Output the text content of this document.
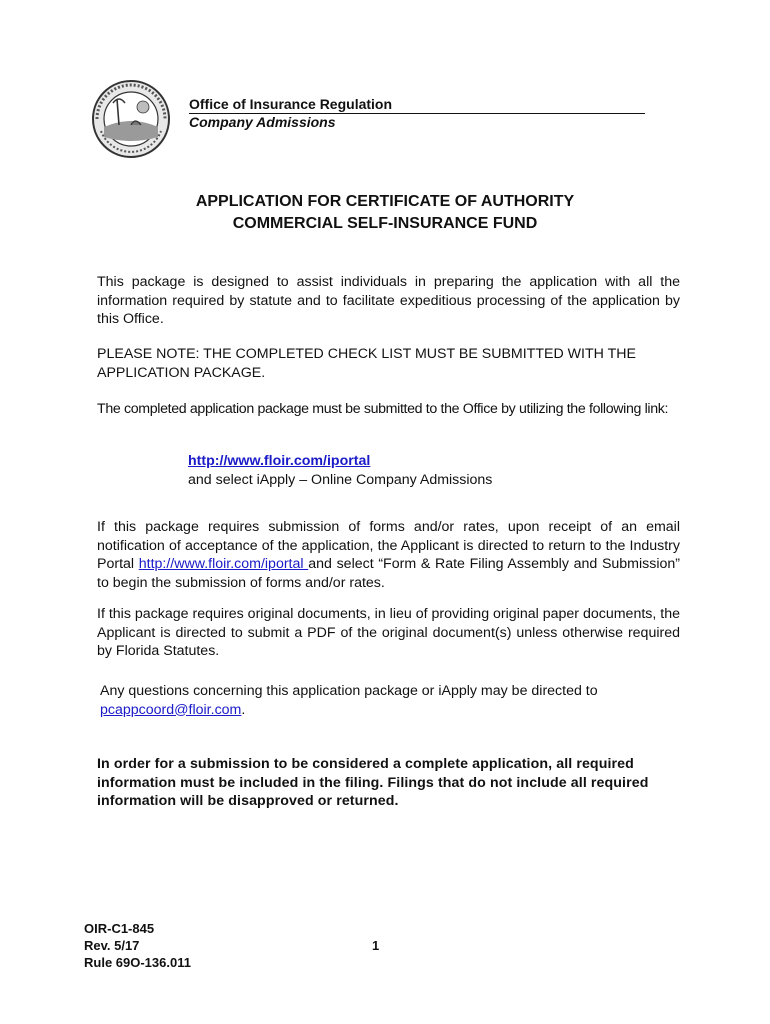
Office of Insurance Regulation
Company Admissions
APPLICATION FOR CERTIFICATE OF AUTHORITY
COMMERCIAL SELF-INSURANCE FUND
This package is designed to assist individuals in preparing the application with all the information required by statute and to facilitate expeditious processing of the application by this Office.
PLEASE NOTE: THE COMPLETED CHECK LIST MUST BE SUBMITTED WITH THE APPLICATION PACKAGE.
The completed application package must be submitted to the Office by utilizing the following link:
http://www.floir.com/iportal
and select iApply – Online Company Admissions
If this package requires submission of forms and/or rates, upon receipt of an email notification of acceptance of the application, the Applicant is directed to return to the Industry Portal http://www.floir.com/iportal and select “Form & Rate Filing Assembly and Submission” to begin the submission of forms and/or rates.
If this package requires original documents, in lieu of providing original paper documents, the Applicant is directed to submit a PDF of the original document(s) unless otherwise required by Florida Statutes.
Any questions concerning this application package or iApply may be directed to
pcappcoord@floir.com.
In order for a submission to be considered a complete application, all required information must be included in the filing. Filings that do not include all required information will be disapproved or returned.
OIR-C1-845
Rev. 5/17
Rule 69O-136.011
1
